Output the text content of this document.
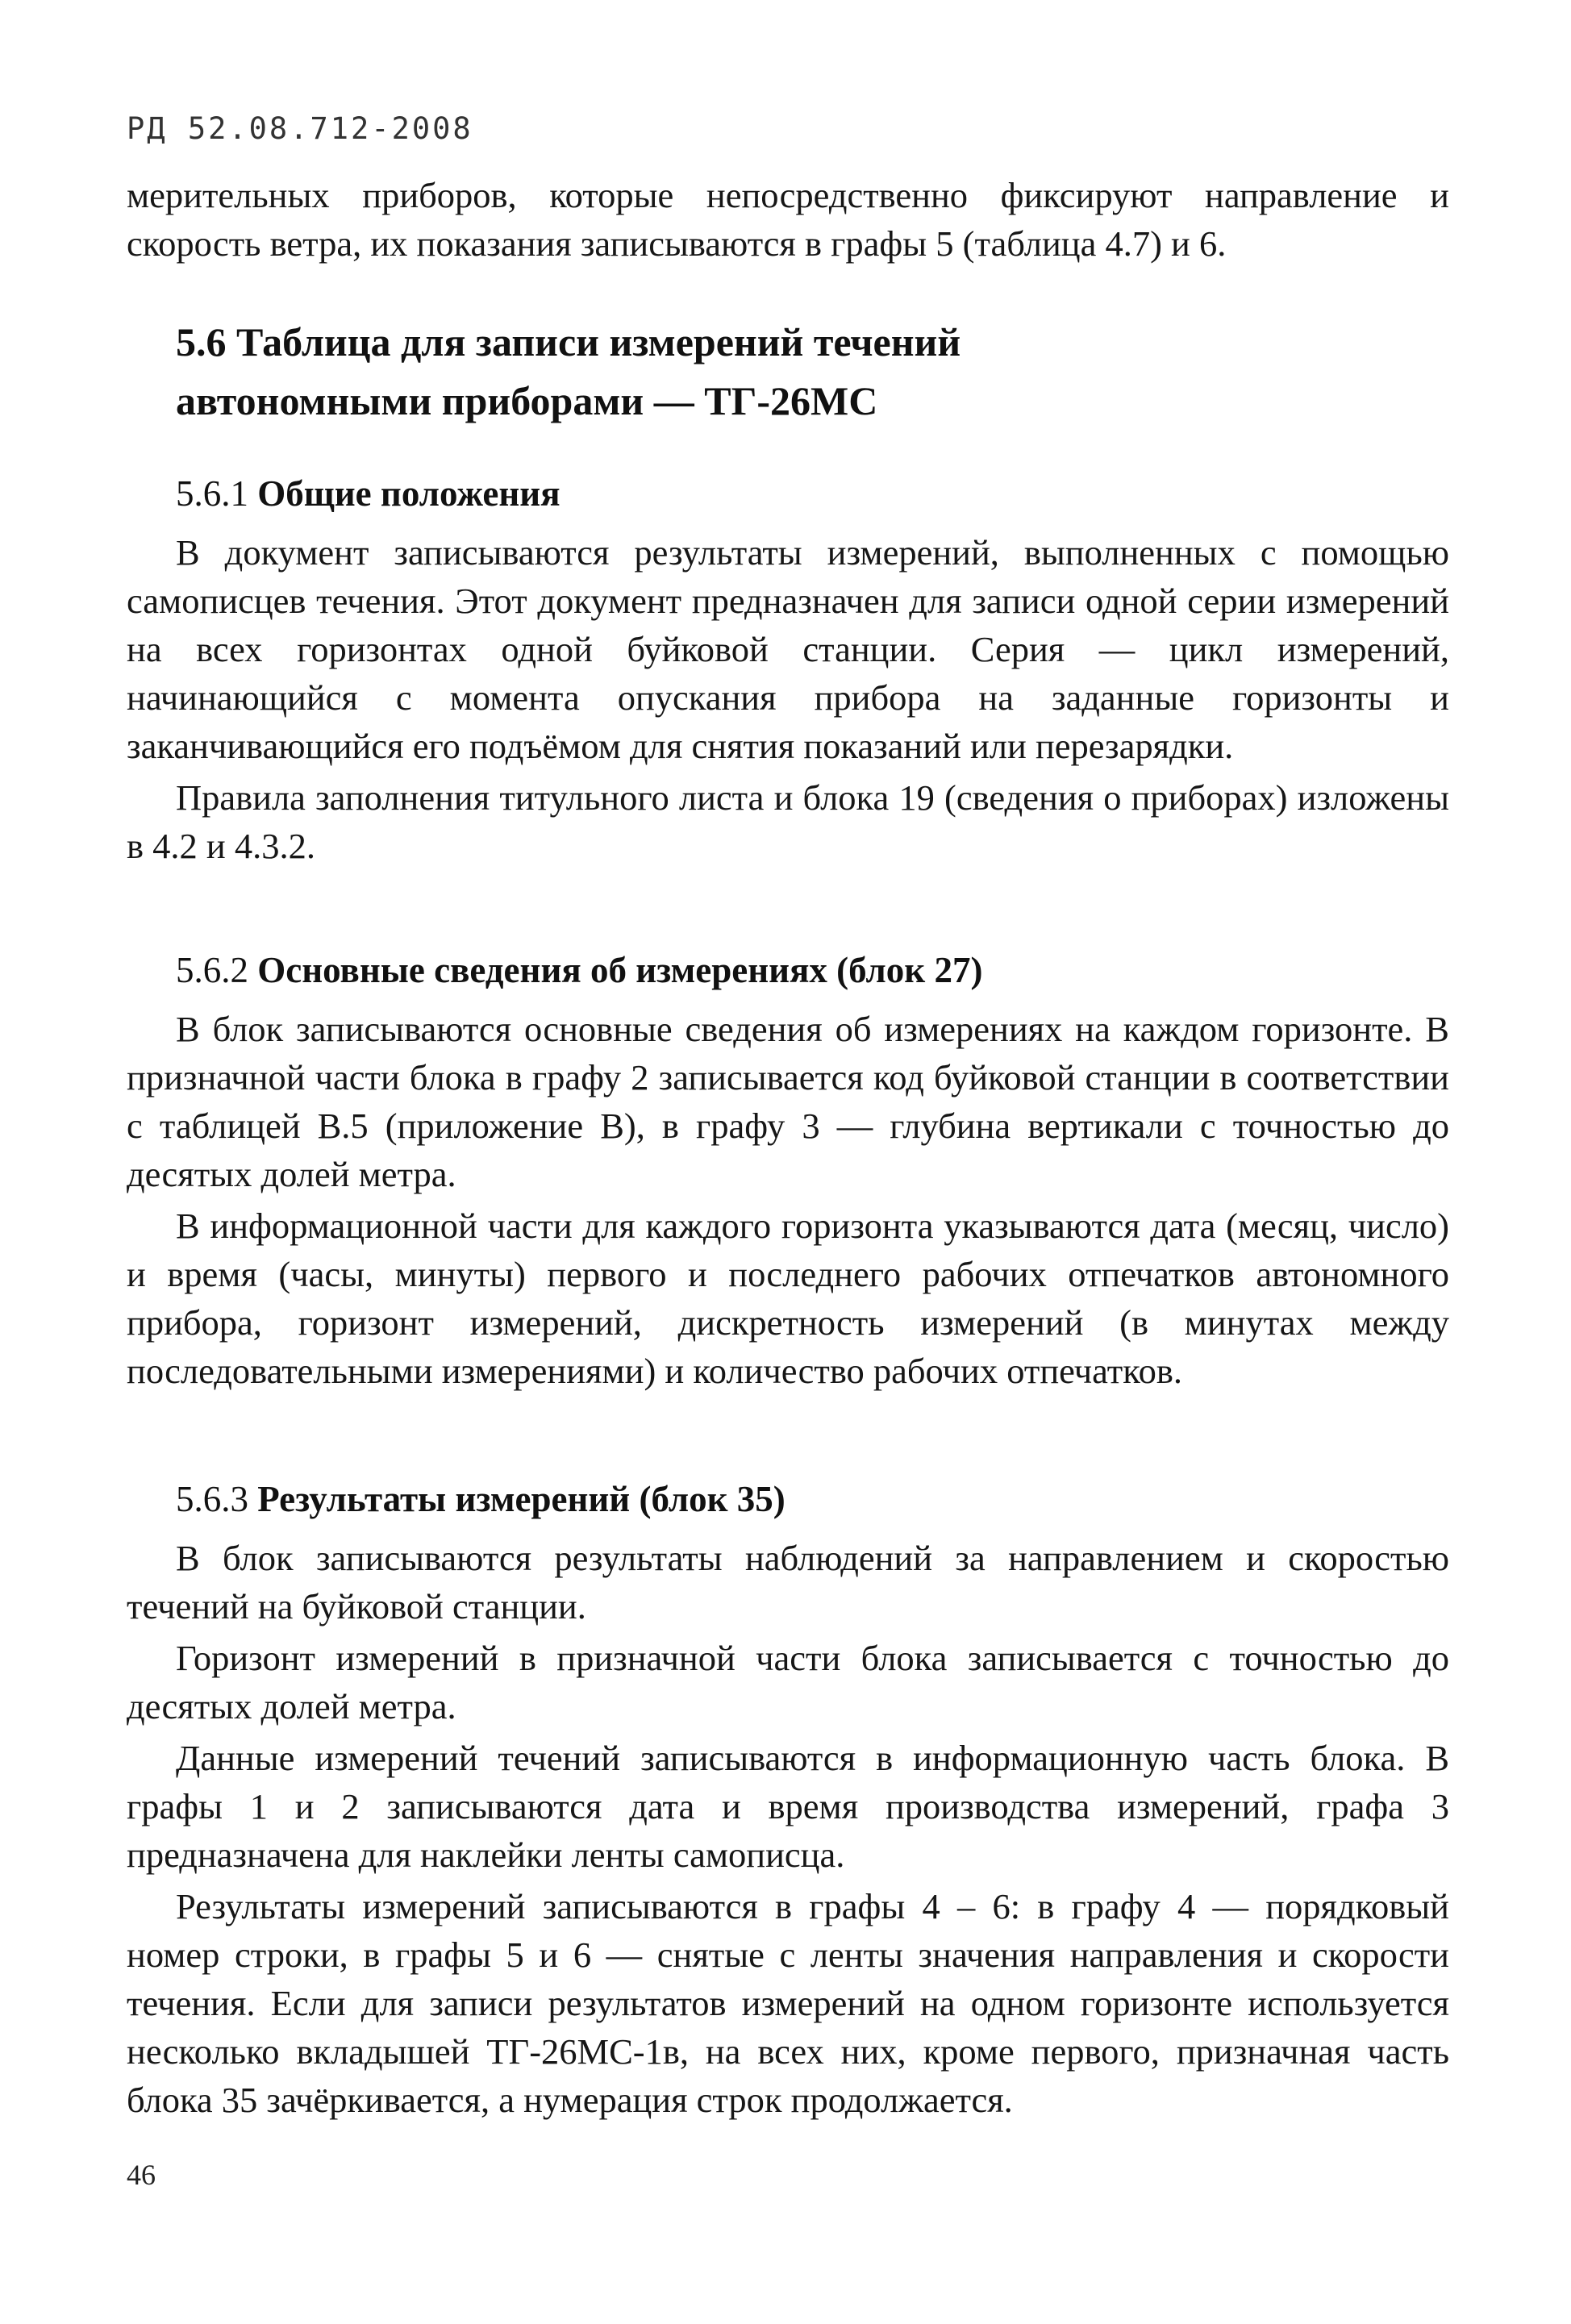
РД 52.08.712-2008
мерительных приборов, которые непосредственно фиксируют направление и скорость ветра, их показания записываются в графы 5 (таблица 4.7) и 6.
5.6 Таблица для записи измерений течений
автономными приборами — ТГ-26МС
5.6.1 Общие положения

В документ записываются результаты измерений, выполненных с помощью самописцев течения. Этот документ предназначен для записи одной серии измерений на всех горизонтах одной буйковой станции. Серия — цикл измерений, начинающийся с момента опускания прибора на заданные горизонты и заканчивающийся его подъёмом для снятия показаний или перезарядки.

Правила заполнения титульного листа и блока 19 (сведения о приборах) изложены в 4.2 и 4.3.2.

5.6.2 Основные сведения об измерениях (блок 27)

В блок записываются основные сведения об измерениях на каждом горизонте. В призначной части блока в графу 2 записывается код буйковой станции в соответствии с таблицей В.5 (приложение В), в графу 3 — глубина вертикали с точностью до десятых долей метра.

В информационной части для каждого горизонта указываются дата (месяц, число) и время (часы, минуты) первого и последнего рабочих отпечатков автономного прибора, горизонт измерений, дискретность измерений (в минутах между последовательными измерениями) и количество рабочих отпечатков.

5.6.3 Результаты измерений (блок 35)

В блок записываются результаты наблюдений за направлением и скоростью течений на буйковой станции.

Горизонт измерений в призначной части блока записывается с точностью до десятых долей метра.

Данные измерений течений записываются в информационную часть блока. В графы 1 и 2 записываются дата и время производства измерений, графа 3 предназначена для наклейки ленты самописца.

Результаты измерений записываются в графы 4 – 6: в графу 4 — порядковый номер строки, в графы 5 и 6 — снятые с ленты значения направления и скорости течения. Если для записи результатов измерений на одном горизонте используется несколько вкладышей ТГ-26МС-1в, на всех них, кроме первого, призначная часть блока 35 зачёркивается, а нумерация строк продолжается.

46
